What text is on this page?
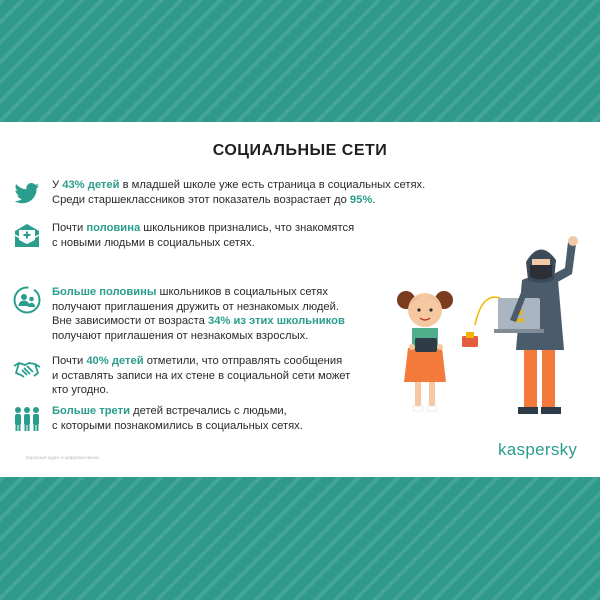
СОЦИАЛЬНЫЕ СЕТИ
У 43% детей в младшей школе уже есть страница в социальных сетях.
Среди старшеклассников этот показатель возрастает до 95%.
Почти половина школьников признались, что знакомятся
с новыми людьми в социальных сетях.
Больше половины школьников в социальных сетях
получают приглашения дружить от незнакомых людей.
Вне зависимости от возраста 34% из этих школьников
получают приглашения от незнакомых взрослых.
Почти 40% детей отметили, что отправлять сообщения
и оставлять записи на их стене в социальной сети может
кто угодно.
Больше трети детей встречались с людьми,
с которыми познакомились в социальных сетях.
Взрослый аудит и цифровая жизнь	kaspersky
